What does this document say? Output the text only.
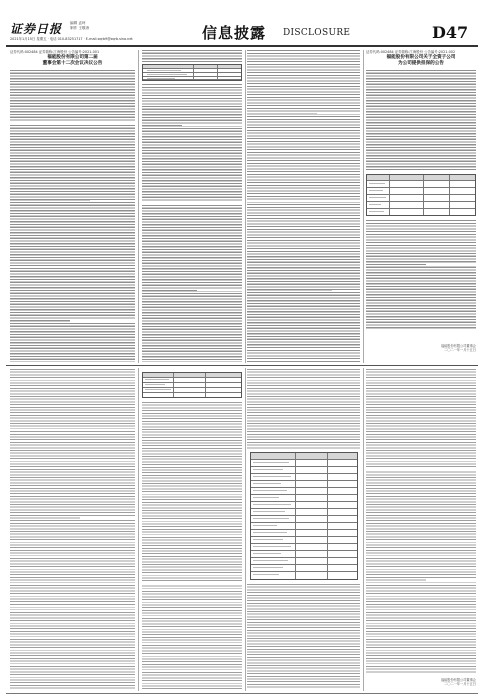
证券日报 编辑 孟珂
制作 王敬涛
2021年1月15日 星期五 · 电话 010-83251717 · E-mail:zqrb9@zqrb.sina.net	信息披露 DISCLOSURE	D47
证券代码:002484 证券简称:江海股份 公告编号:2021-001
福能股份有限公司第二届
董事会第十二次会议决议公告
证券代码:002484 证券简称:江海股份 公告编号:2021-002
福能股份有限公司关于全资子公司
为公司提供担保的公告
福能股份有限公司董事会
二〇二一年一月十五日
福能股份有限公司董事会
二〇二一年一月十五日
